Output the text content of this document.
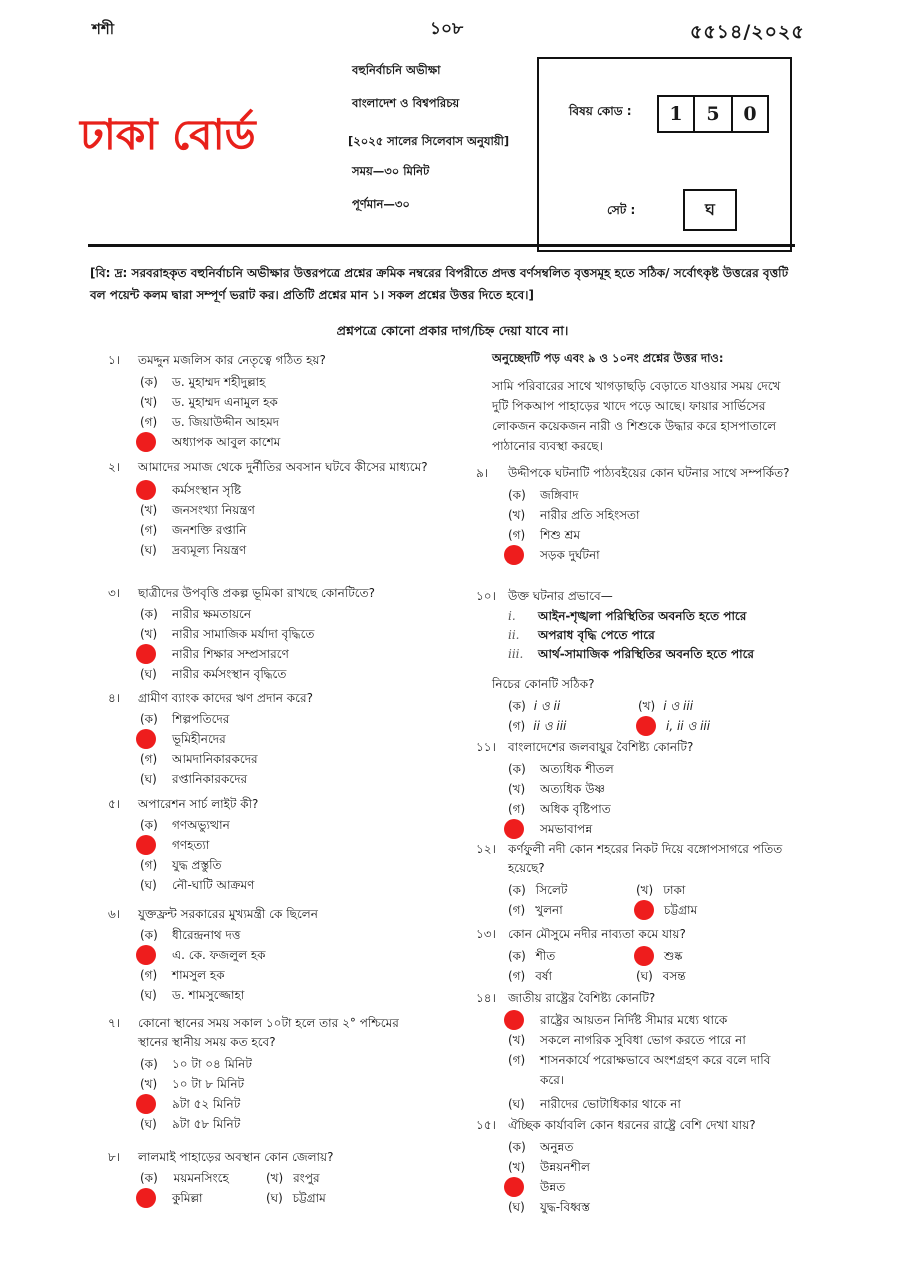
শশী	১০৮	৫৫১৪/২০২৫
ঢাকা বোর্ড
বহুনির্বাচনি অভীক্ষা
বাংলাদেশ ও বিশ্বপরিচয়
[২০২৫ সালের সিলেবাস অনুযায়ী]
সময়—৩০ মিনিট
পূর্ণমান—৩০
বিষয় কোড :	1	5	0
সেট :	ঘ
[বি: দ্র: সরবরাহকৃত বহুনির্বাচনি অভীক্ষার উত্তরপত্রে প্রশ্নের ক্রমিক নম্বরের বিপরীতে প্রদত্ত বর্ণসম্বলিত বৃত্তসমূহ হতে সঠিক/ সর্বোৎকৃষ্ট উত্তরের বৃত্তটি বল পয়েন্ট কলম দ্বারা সম্পূর্ণ ভরাট কর। প্রতিটি প্রশ্নের মান ১। সকল প্রশ্নের উত্তর দিতে হবে।]
প্রশ্নপত্রে কোনো প্রকার দাগ/চিহ্ন দেয়া যাবে না।
অনুচ্ছেদটি পড় এবং ৯ ও ১০নং প্রশ্নের উত্তর দাও:
সামি পরিবারের সাথে খাগড়াছড়ি বেড়াতে যাওয়ার সময় দেখে দুটি পিকআপ পাহাড়ের খাদে পড়ে আছে। ফায়ার সার্ভিসের লোকজন কয়েকজন নারী ও শিশুকে উদ্ধার করে হাসপাতালে পাঠানোর ব্যবস্থা করছে।
১। তমদ্দুন মজলিস কার নেতৃত্বে গঠিত হয়?
(ক) ড. মুহাম্মদ শহীদুল্লাহ
(খ) ড. মুহাম্মদ এনামুল হক
(গ) ড. জিয়াউদ্দীন আহমদ
অধ্যাপক আবুল কাশেম
২। আমাদের সমাজ থেকে দুর্নীতির অবসান ঘটবে কীসের মাধ্যমে?
কর্মসংস্থান সৃষ্টি
(খ) জনসংখ্যা নিয়ন্ত্রণ
(গ) জনশক্তি রপ্তানি
(ঘ) দ্রব্যমূল্য নিয়ন্ত্রণ
৩। ছাত্রীদের উপবৃত্তি প্রকল্প ভূমিকা রাখছে কোনটিতে?
(ক) নারীর ক্ষমতায়নে
(খ) নারীর সামাজিক মর্যাদা বৃদ্ধিতে
নারীর শিক্ষার সম্প্রসারণে
(ঘ) নারীর কর্মসংস্থান বৃদ্ধিতে
৪। গ্রামীণ ব্যাংক কাদের ঋণ প্রদান করে?
(ক) শিল্পপতিদের
ভূমিহীনদের
(গ) আমদানিকারকদের
(ঘ) রপ্তানিকারকদের
৫। অপারেশন সার্চ লাইট কী?
(ক) গণঅভ্যুত্থান
গণহত্যা
(গ) যুদ্ধ প্রস্তুতি
(ঘ) নৌ-ঘাটি আক্রমণ
৬। যুক্তফ্রন্ট সরকারের মুখ্যমন্ত্রী কে ছিলেন
(ক) ধীরেন্দ্রনাথ দত্ত
এ. কে. ফজলুল হক
(গ) শামসুল হক
(ঘ) ড. শামসুজ্জোহা
৭। কোনো স্থানের সময় সকাল ১০টা হলে তার ২° পশ্চিমের স্থানের স্থানীয় সময় কত হবে?
(ক) ১০ টা ০৪ মিনিট
(খ) ১০ টা ৮ মিনিট
৯টা ৫২ মিনিট
(ঘ) ৯টা ৫৮ মিনিট
৮। লালমাই পাহাড়ের অবস্থান কোন জেলায়?
(ক) ময়মনসিংহে	(খ) রংপুর
কুমিল্লা	(ঘ) চট্টগ্রাম
৯। উদ্দীপকে ঘটনাটি পাঠ্যবইয়ের কোন ঘটনার সাথে সম্পর্কিত?
(ক) জঙ্গিবাদ
(খ) নারীর প্রতি সহিংসতা
(গ) শিশু শ্রম
সড়ক দুর্ঘটনা
১০। উক্ত ঘটনার প্রভাবে—
i. আইন-শৃঙ্খলা পরিস্থিতির অবনতি হতে পারে
ii. অপরাধ বৃদ্ধি পেতে পারে
iii. আর্থ-সামাজিক পরিস্থিতির অবনতি হতে পারে
নিচের কোনটি সঠিক?
(ক) i ও ii	(খ) i ও iii
(গ) ii ও iii	i, ii ও iii
১১। বাংলাদেশের জলবায়ুর বৈশিষ্ট্য কোনটি?
(ক) অত্যধিক শীতল
(খ) অত্যধিক উষ্ণ
(গ) অধিক বৃষ্টিপাত
সমভাবাপন্ন
১২। কর্ণফুলী নদী কোন শহরের নিকট দিয়ে বঙ্গোপসাগরে পতিত হয়েছে?
(ক) সিলেট	(খ) ঢাকা
(গ) খুলনা	চট্টগ্রাম
১৩। কোন মৌসুমে নদীর নাব্যতা কমে যায়?
(ক) শীত	শুষ্ক
(গ) বর্ষা	(ঘ) বসন্ত
১৪। জাতীয় রাষ্ট্রের বৈশিষ্ট্য কোনটি?
রাষ্ট্রের আয়তন নির্দিষ্ট সীমার মধ্যে থাকে
(খ) সকলে নাগরিক সুবিধা ভোগ করতে পারে না
(গ) শাসনকার্যে পরোক্ষভাবে অংশগ্রহণ করে বলে দাবি করে।
(ঘ) নারীদের ভোটাধিকার থাকে না
১৫। ঐচ্ছিক কার্যাবলি কোন ধরনের রাষ্ট্রে বেশি দেখা যায়?
(ক) অনুন্নত
(খ) উন্নয়নশীল
উন্নত
(ঘ) যুদ্ধ-বিধ্বস্ত
